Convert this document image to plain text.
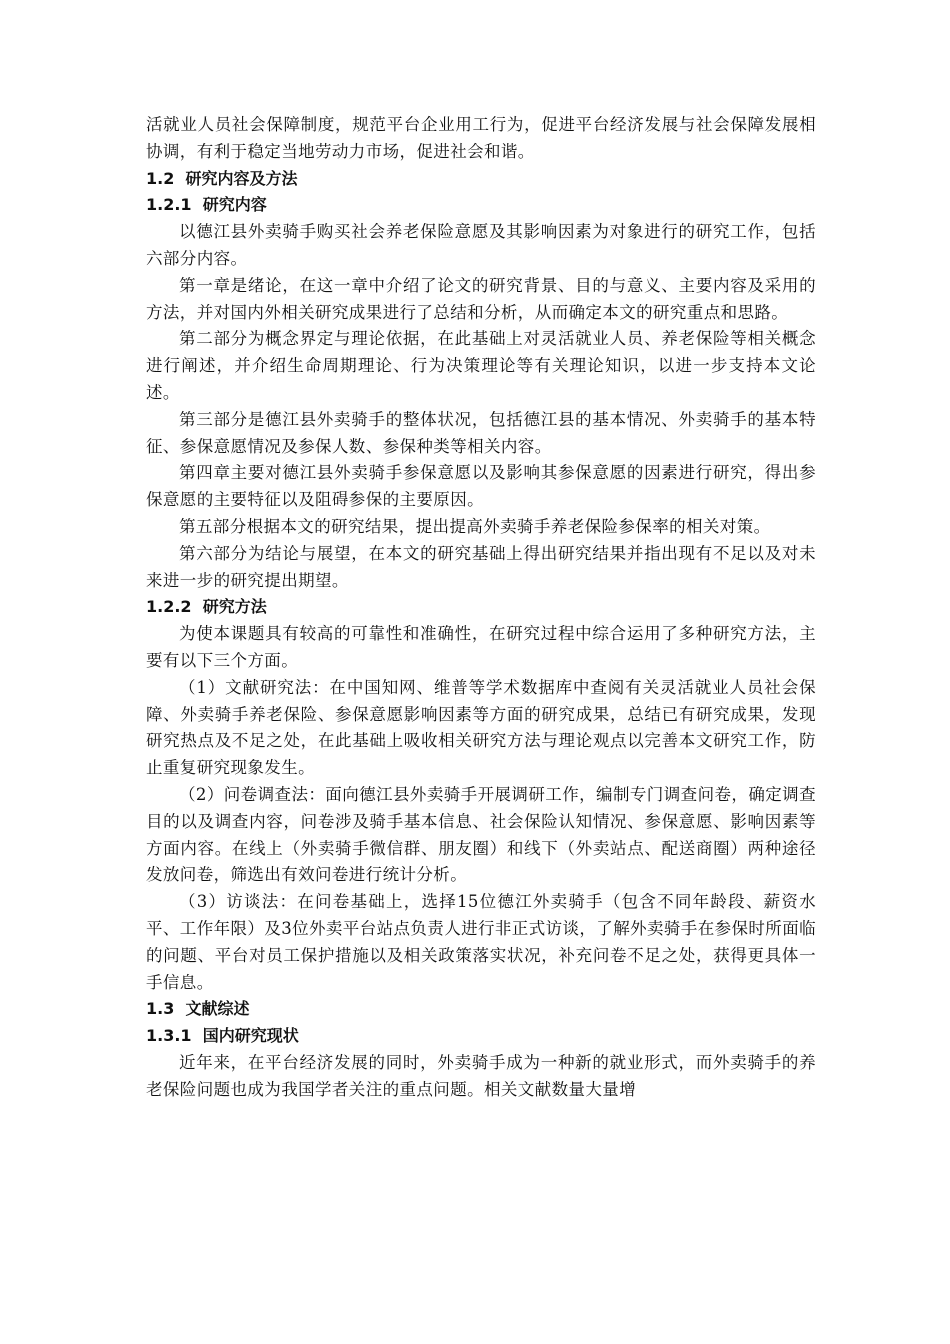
活就业人员社会保障制度，规范平台企业用工行为，促进平台经济发展与社会保障发展相协调，有利于稳定当地劳动力市场，促进社会和谐。

1.2  研究内容及方法
1.2.1  研究内容

以德江县外卖骑手购买社会养老保险意愿及其影响因素为对象进行的研究工作，包括六部分内容。

第一章是绪论，在这一章中介绍了论文的研究背景、目的与意义、主要内容及采用的方法，并对国内外相关研究成果进行了总结和分析，从而确定本文的研究重点和思路。

第二部分为概念界定与理论依据，在此基础上对灵活就业人员、养老保险等相关概念进行阐述，并介绍生命周期理论、行为决策理论等有关理论知识，以进一步支持本文论述。

第三部分是德江县外卖骑手的整体状况，包括德江县的基本情况、外卖骑手的基本特征、参保意愿情况及参保人数、参保种类等相关内容。

第四章主要对德江县外卖骑手参保意愿以及影响其参保意愿的因素进行研究，得出参保意愿的主要特征以及阻碍参保的主要原因。

第五部分根据本文的研究结果，提出提高外卖骑手养老保险参保率的相关对策。

第六部分为结论与展望，在本文的研究基础上得出研究结果并指出现有不足以及对未来进一步的研究提出期望。

1.2.2  研究方法

为使本课题具有较高的可靠性和准确性，在研究过程中综合运用了多种研究方法，主要有以下三个方面。

（1）文献研究法：在中国知网、维普等学术数据库中查阅有关灵活就业人员社会保障、外卖骑手养老保险、参保意愿影响因素等方面的研究成果，总结已有研究成果，发现研究热点及不足之处，在此基础上吸收相关研究方法与理论观点以完善本文研究工作，防止重复研究现象发生。

（2）问卷调查法：面向德江县外卖骑手开展调研工作，编制专门调查问卷，确定调查目的以及调查内容，问卷涉及骑手基本信息、社会保险认知情况、参保意愿、影响因素等方面内容。在线上（外卖骑手微信群、朋友圈）和线下（外卖站点、配送商圈）两种途径发放问卷，筛选出有效问卷进行统计分析。

（3）访谈法：在问卷基础上，选择15位德江外卖骑手（包含不同年龄段、薪资水平、工作年限）及3位外卖平台站点负责人进行非正式访谈，了解外卖骑手在参保时所面临的问题、平台对员工保护措施以及相关政策落实状况，补充问卷不足之处，获得更具体一手信息。

1.3  文献综述
1.3.1  国内研究现状

近年来，在平台经济发展的同时，外卖骑手成为一种新的就业形式，而外卖骑手的养老保险问题也成为我国学者关注的重点问题。相关文献数量大量增
